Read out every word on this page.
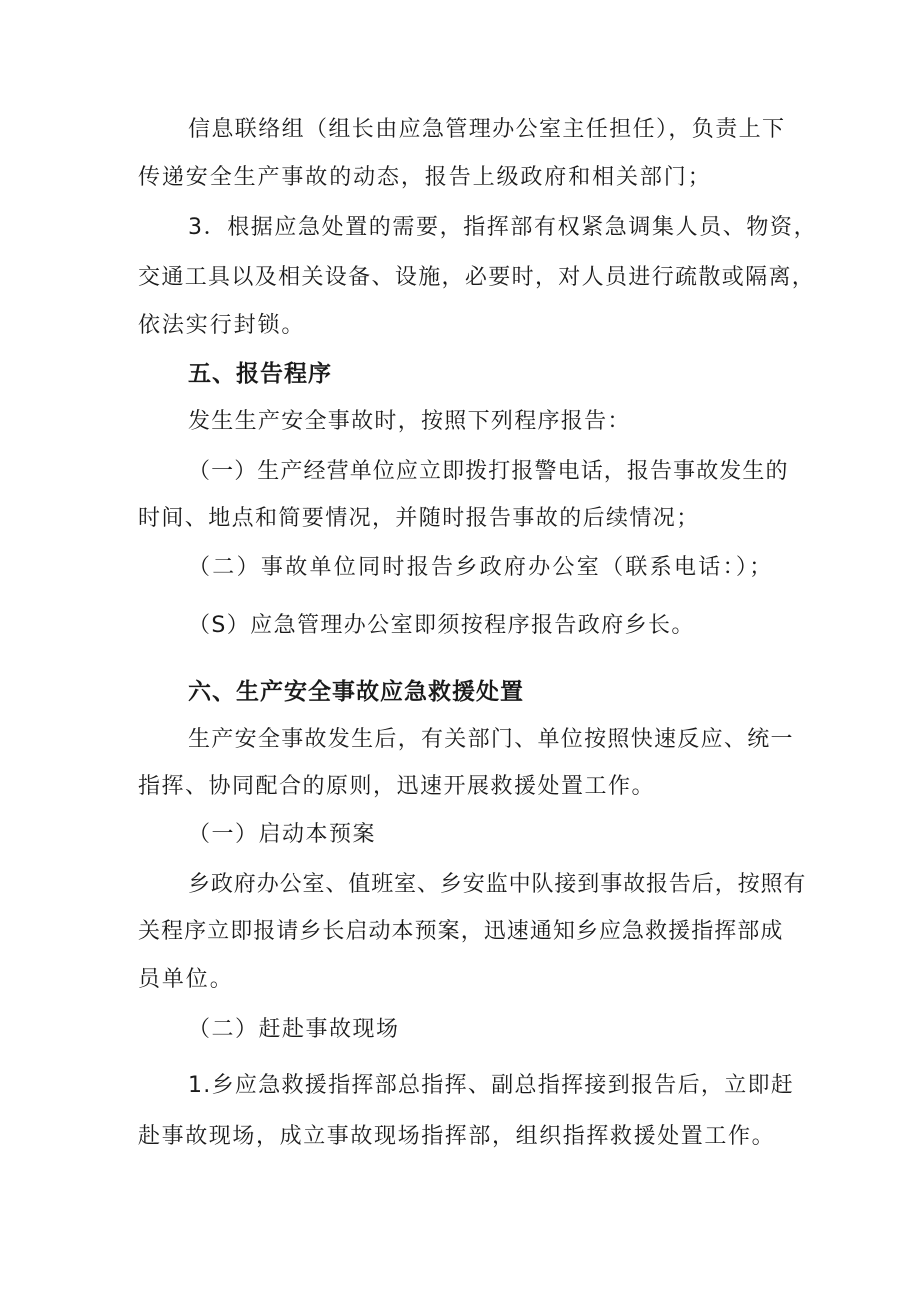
信息联络组（组长由应急管理办公室主任担任），负责上下
传递安全生产事故的动态，报告上级政府和相关部门；
3．根据应急处置的需要，指挥部有权紧急调集人员、物资，
交通工具以及相关设备、设施，必要时，对人员进行疏散或隔离，
依法实行封锁。
五、报告程序
发生生产安全事故时，按照下列程序报告：
（一）生产经营单位应立即拨打报警电话，报告事故发生的
时间、地点和简要情况，并随时报告事故的后续情况；
（二）事故单位同时报告乡政府办公室（联系电话：）；
（S）应急管理办公室即须按程序报告政府乡长。
六、生产安全事故应急救援处置
生产安全事故发生后，有关部门、单位按照快速反应、统一
指挥、协同配合的原则，迅速开展救援处置工作。
（一）启动本预案
乡政府办公室、值班室、乡安监中队接到事故报告后，按照有
关程序立即报请乡长启动本预案，迅速通知乡应急救援指挥部成
员单位。
（二）赶赴事故现场
1.乡应急救援指挥部总指挥、副总指挥接到报告后，立即赶
赴事故现场，成立事故现场指挥部，组织指挥救援处置工作。
